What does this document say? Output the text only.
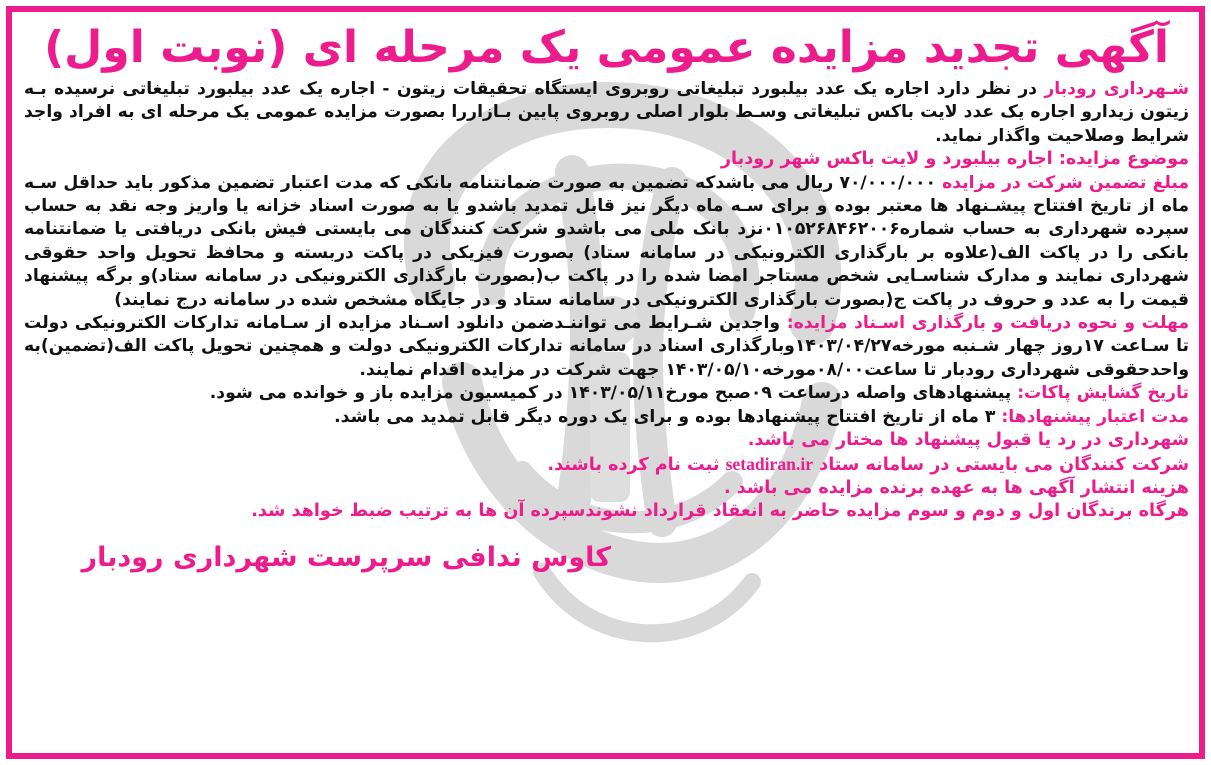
آگهی تجدید مزایده عمومی یک مرحله ای (نوبت اول)

شـهرداری رودبار در نظر دارد اجاره یک عدد بیلبورد تبلیغاتی روبروی ایستگاه تحقیقات زیتون - اجاره یک عدد بیلبورد تبلیغاتی نرسیده بـه زیتون زیدارو اجاره یک عدد لایت باکس تبلیغاتی وسـط بلوار اصلی روبروی پایین بـازاررا بصورت مزایده عمومی یک مرحله ای به افراد واجد شرایط وصلاحیت واگذار نماید.

موضوع مزایده: اجاره بیلبورد و لایت باکس شهر رودبار

مبلغ تضمین شرکت در مزایده ۷۰/۰۰۰/۰۰۰ ریال می باشدکه تضمین به صورت ضمانتنامه بانکی که مدت اعتبار تضمین مذکور باید حداقل سـه ماه از تاریخ افتتاح پیشـنهاد ها معتبر بوده و برای سـه ماه دیگر نیز قابل تمدید باشدو یا به صورت اسناد خزانه یا واریز وجه نقد به حساب سپرده شهرداری به حساب شماره۰۱۰۵۲۶۸۴۶۲۰۰۶نزد بانک ملی می باشدو شرکت کنندگان می بایستی فیش بانکی دریافتی یا ضمانتنامه بانکی را در پاکت الف(علاوه بر بارگذاری الکترونیکی در سامانه ستاد) بصورت فیزیکی در پاکت دربسته و محافظ تحویل واحد حقوقی شهرداری نمایند و مدارک شناسـایی شخص مستاجر امضا شده را در پاکت ب(بصورت بارگذاری الکترونیکی در سامانه ستاد)و برگه پیشنهاد قیمت را به عدد و حروف در پاکت ج(بصورت بارگذاری الکترونیکی در سامانه ستاد و در جایگاه مشخص شده در سامانه درج نمایند)

مهلت و نحوه دریافت و بارگذاری اسـناد مزایده: واجدین شـرایط می تواننـدضمن دانلود اسـناد مزایده از سـامانه تدارکات الکترونیکی دولت تا سـاعت ۱۷روز چهار شـنبه مورخه۱۴۰۳/۰۴/۲۷وبارگذاری اسناد در سامانه تدارکات الکترونیکی دولت و همچنین تحویل پاکت الف(تضمین)به واحدحقوقی شهرداری رودبار تا ساعت۰۸/۰۰مورخه۱۴۰۳/۰۵/۱۰ جهت شرکت در مزایده اقدام نمایند.

تاریخ گشایش پاکات: پیشنهادهای واصله درساعت ۰۹صبح مورخ۱۴۰۳/۰۵/۱۱ در کمیسیون مزایده باز و خوانده می شود.

مدت اعتبار پیشنهادها: ۳ ماه از تاریخ افتتاح پیشنهادها بوده و برای یک دوره دیگر قابل تمدید می باشد.

شهرداری در رد یا قبول پیشنهاد ها مختار می باشد.

شرکت کنندگان می بایستی در سامانه ستاد setadiran.ir ثبت نام کرده باشند.

هزینه انتشار آگهی ها به عهده برنده مزایده می باشد .

هرگاه برندگان اول و دوم و سوم مزایده حاضر به انعقاد قرارداد نشوندسپرده آن ها به ترتیب ضبط خواهد شد.

کاوس ندافی سرپرست شهرداری رودبار
